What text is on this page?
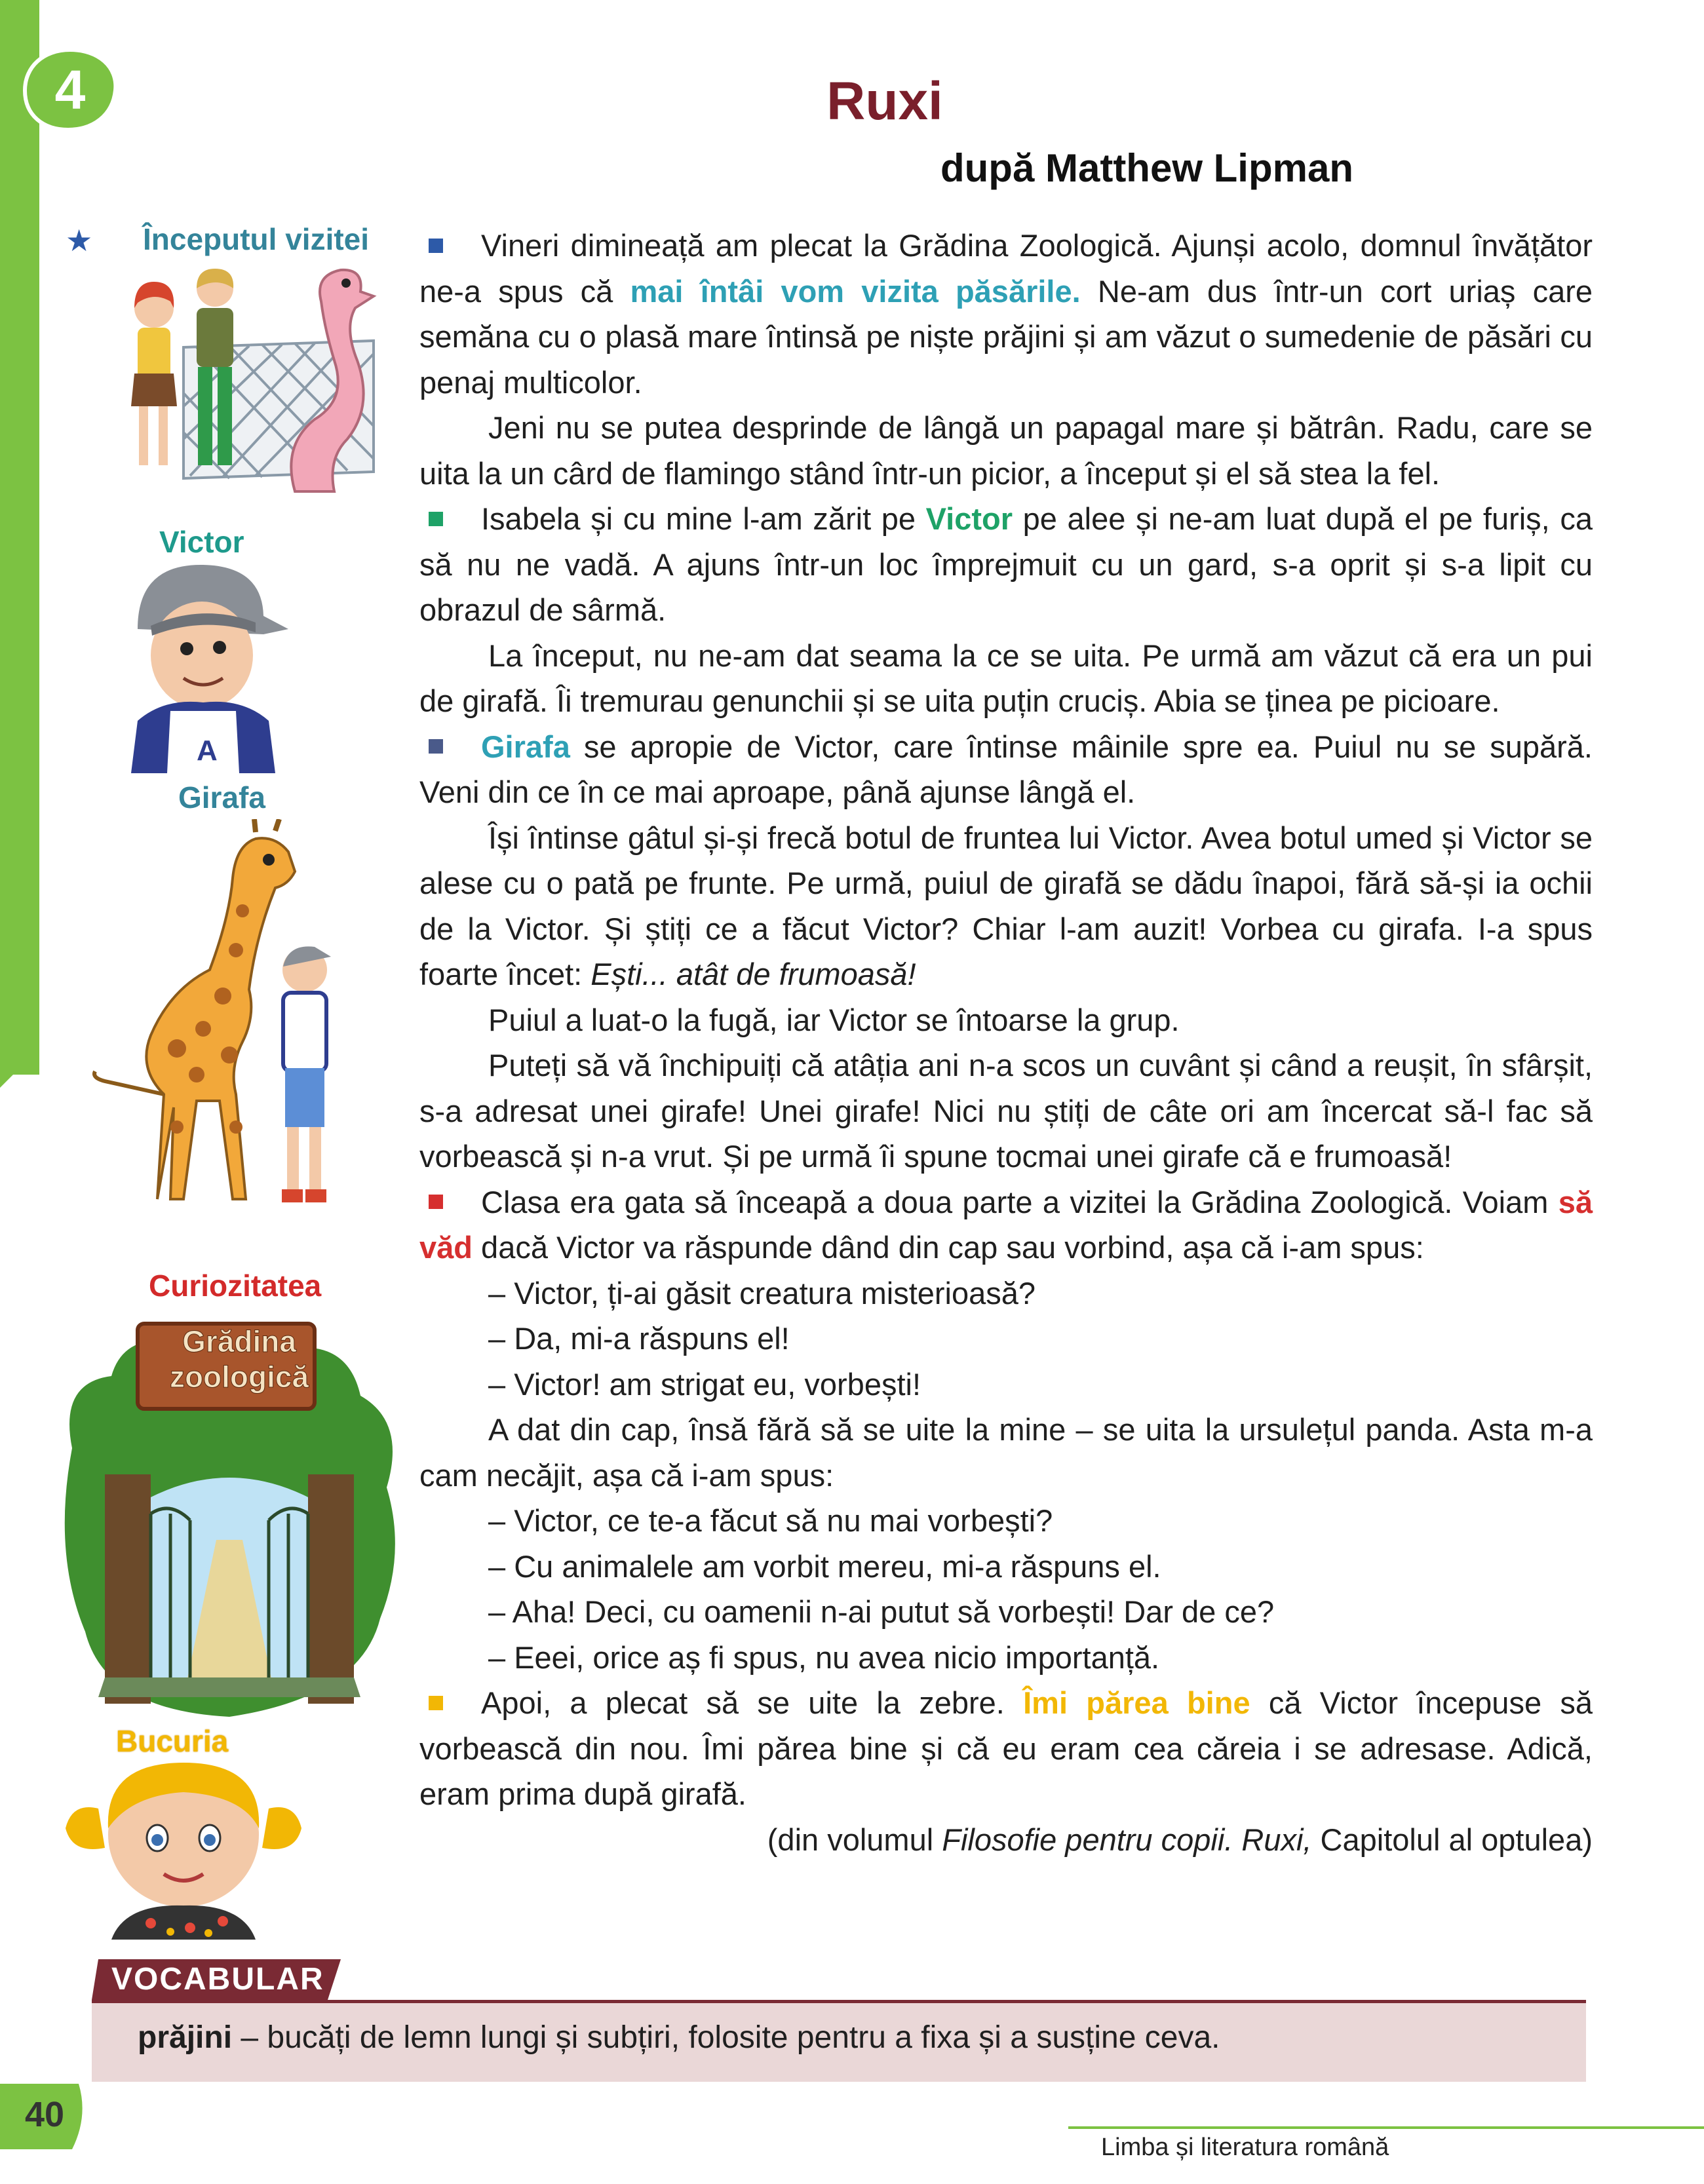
4	Ruxi
după Matthew Lipman
★ Începutul vizitei
Victor
Girafa
Curiozitatea
Bucuria
A
Grădina
zoologică

Vineri dimineață am plecat la Grădina Zoologică. Ajunși acolo, domnul învățător ne-a spus că mai întâi vom vizita păsările. Ne-am dus într-un cort uriaș care semăna cu o plasă mare întinsă pe niște prăjini și am văzut o sumedenie de păsări cu penaj multicolor.

Jeni nu se putea desprinde de lângă un papagal mare și bătrân. Radu, care se uita la un cârd de flamingo stând într-un picior, a început și el să stea la fel.

Isabela și cu mine l-am zărit pe Victor pe alee și ne-am luat după el pe furiș, ca să nu ne vadă. A ajuns într-un loc împrejmuit cu un gard, s-a oprit și s-a lipit cu obrazul de sârmă.

La început, nu ne-am dat seama la ce se uita. Pe urmă am văzut că era un pui de girafă. Îi tremurau genunchii și se uita puțin cruciș. Abia se ținea pe picioare.

Girafa se apropie de Victor, care întinse mâinile spre ea. Puiul nu se supără. Veni din ce în ce mai aproape, până ajunse lângă el.

Își întinse gâtul și-și frecă botul de fruntea lui Victor. Avea botul umed și Victor se alese cu o pată pe frunte. Pe urmă, puiul de girafă se dădu înapoi, fără să-și ia ochii de la Victor. Și știți ce a făcut Victor? Chiar l-am auzit! Vorbea cu girafa. I-a spus foarte încet: Ești... atât de frumoasă!

Puiul a luat-o la fugă, iar Victor se întoarse la grup.

Puteți să vă închipuiți că atâția ani n-a scos un cuvânt și când a reușit, în sfârșit, s-a adresat unei girafe! Unei girafe! Nici nu știți de câte ori am încercat să-l fac să vorbească și n-a vrut. Și pe urmă îi spune tocmai unei girafe că e frumoasă!

Clasa era gata să înceapă a doua parte a vizitei la Grădina Zoologică. Voiam să văd dacă Victor va răspunde dând din cap sau vorbind, așa că i-am spus:

– Victor, ți-ai găsit creatura misterioasă?

– Da, mi-a răspuns el!

– Victor! am strigat eu, vorbești!

A dat din cap, însă fără să se uite la mine – se uita la ursulețul panda. Asta m-a cam necăjit, așa că i-am spus:

– Victor, ce te-a făcut să nu mai vorbești?

– Cu animalele am vorbit mereu, mi-a răspuns el.

– Aha! Deci, cu oamenii n-ai putut să vorbești! Dar de ce?

– Eeei, orice aș fi spus, nu avea nicio importanță.

Apoi, a plecat să se uite la zebre. Îmi părea bine că Victor începuse să vorbească din nou. Îmi părea bine și că eu eram cea căreia i se adresase. Adică, eram prima după girafă.

(din volumul Filosofie pentru copii. Ruxi, Capitolul al optulea)

VOCABULAR
prăjini – bucăți de lemn lungi și subțiri, folosite pentru a fixa și a susține ceva.
40
Limba și literatura română
